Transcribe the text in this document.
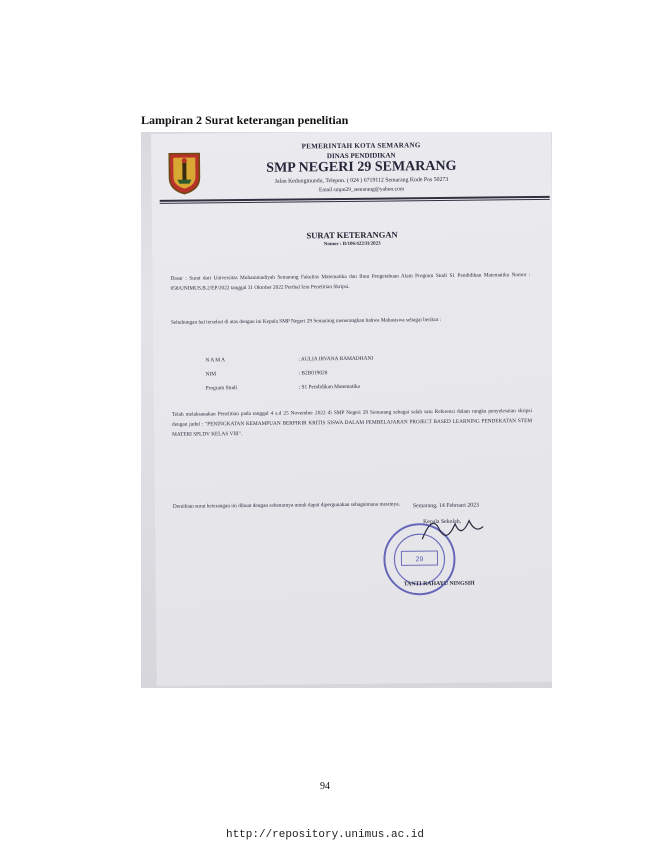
Lampiran 2 Surat keterangan penelitian
PEMERINTAH KOTA SEMARANG
DINAS PENDIDIKAN
SMP NEGERI 29 SEMARANG
Jalan Kedungmundu, Telepon. ( 024 ) 6719112 Semarang Kode Pos 50273
Email smpn29_semarang@yahoo.com
SURAT KETERANGAN
Nomor : B/106/422/II/2023
Dasar : Surat dari Universitas Muhammadiyah Semarang Fakultas Matematika dan Ilmu Pengetahuan Alam Program Studi S1 Pendidikan Matematika Nomor : 058/UNIMUS.B.2/EP/2022 tanggal 31 Oktober 2022 Perihal Izin Penelitian Skripsi.
Sehubungan hal tersebut di atas dengan ini Kepala SMP Negeri 29 Semarang menerangkan bahwa Mahasiswa sebagai berikut :
N A M A	: AULIA IRVANA RAMADHANI
NIM	: B2B019028
Program Studi	: S1 Pendidikan Matematika
Telah melaksanakan Penelitian pada tanggal 4 s.d 25 November 2022 di SMP Negeri 29 Semarang sebagai salah satu Referensi dalam rangka penyelesaian skripsi dengan judul : "PENINGKATAN KEMAMPUAN BERPIKIR KRITIS SISWA DALAM PEMBELAJARAN PROJECT BASED LEARNING PENDEKATAN STEM MATERI SPLDV KELAS VIII".
Demikian surat keterangan ini dibuat dengan sebenarnya untuk dapat dipergunakan sebagaimana mestinya.	Semarang, 14 Februari 2023
Kepala Sekolah,
29
TANTI RAHAYU NINGSIH
94
http://repository.unimus.ac.id
